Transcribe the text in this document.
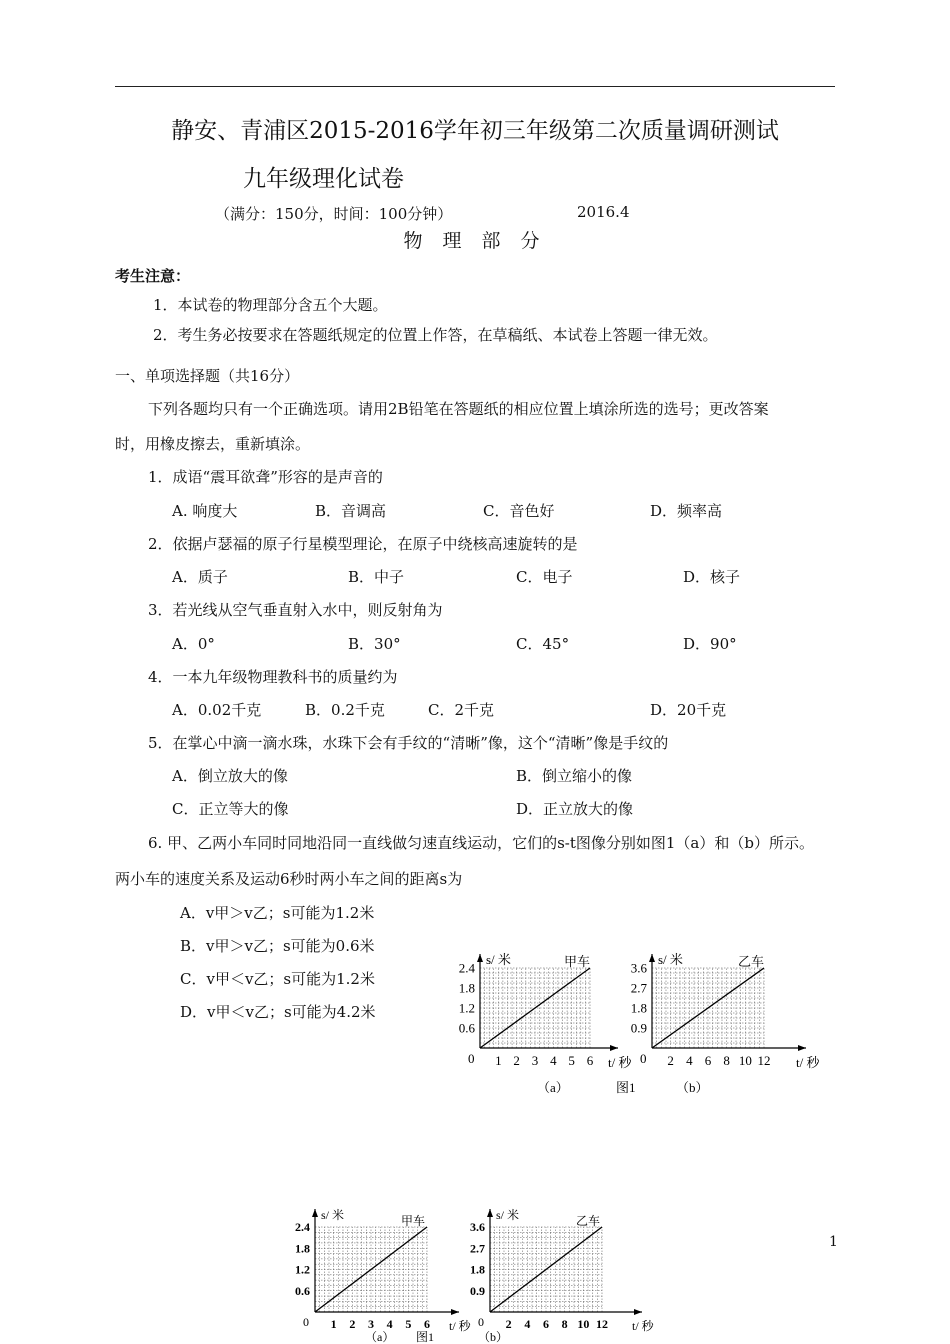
静安、青浦区2015-2016学年初三年级第二次质量调研测试
九年级理化试卷
（满分：150分，时间：100分钟）	2016.4
物 理 部 分
考生注意：
1．本试卷的物理部分含五个大题。
2．考生务必按要求在答题纸规定的位置上作答，在草稿纸、本试卷上答题一律无效。
一、单项选择题（共16分）
下列各题均只有一个正确选项。请用2B铅笔在答题纸的相应位置上填涂所选的选号；更改答案
时，用橡皮擦去，重新填涂。
1．成语“震耳欲聋”形容的是声音的
A. 响度大	B．音调高	C．音色好	D．频率高
2．依据卢瑟福的原子行星模型理论，在原子中绕核高速旋转的是
A．质子	B．中子	C．电子	D．核子
3．若光线从空气垂直射入水中，则反射角为
A．0°	B．30°	C．45°	D．90°
4．一本九年级物理教科书的质量约为
A．0.02千克	B．0.2千克	C．2千克	D．20千克
5．在掌心中滴一滴水珠，水珠下会有手纹的“清晰”像，这个“清晰”像是手纹的
A．倒立放大的像	B．倒立缩小的像
C．正立等大的像	D．正立放大的像
6. 甲、乙两小车同时同地沿同一直线做匀速直线运动，它们的s-t图像分别如图1（a）和（b）所示。
两小车的速度关系及运动6秒时两小车之间的距离s为
A．v甲＞v乙；s可能为1.2米
B．v甲＞v乙；s可能为0.6米
C．v甲＜v乙；s可能为1.2米
D．v甲＜v乙；s可能为4.2米
1 2 3 4 5 6
0.6
1.2
1.8
2.4
0
s/ 米
t/ 秒
甲车
2 4 6 8 10 12
0.9
1.8
2.7
3.6
0
s/ 米
t/ 秒
乙车
（a）	图1	（b）
1 2 3 4 5 6
0.6
1.2
1.8
2.4
0
s/ 米
t/ 秒
甲车
2 4 6 8 10 12
0.9
1.8
2.7
3.6
0
s/ 米
t/ 秒
乙车
（a） 图1	（b）
1
